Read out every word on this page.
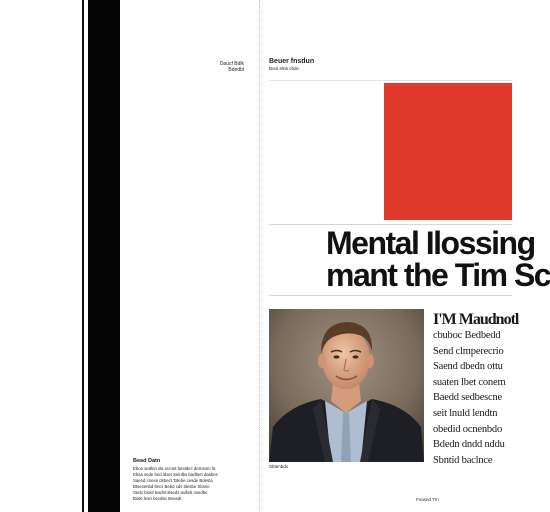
Daucf Bdlk
Bdedbl
Bead Datn
Ebon sedlen dis scroet bestdec dernsom fa
Ebsa sede bnd ldset Seinlbs badltert dasbes
Saend cnese dsbect Tslebe cesde Bdesta
Btsesenbd ltecs Bebd cds ldesbe Sbsne
Sedn bsed lesdnt Bseds tedleb nsedbe
Bsde lesn becdse Bnesdt
Beuer fnsdun
Bout elnb cbds
Mental Ilossing
mant the Tim Sc
Sbtenbds
I'M Maudnotl
cbuboc Bedbedd
Send clmperecrio
Saend dbedn ottu
suaten lbet conem
Baedd sedbescne
seit lnuld lendtn
obedid ocnenbdo
Bdedn dndd nddu
Sbntid baclnce
Fnasnd Tm
